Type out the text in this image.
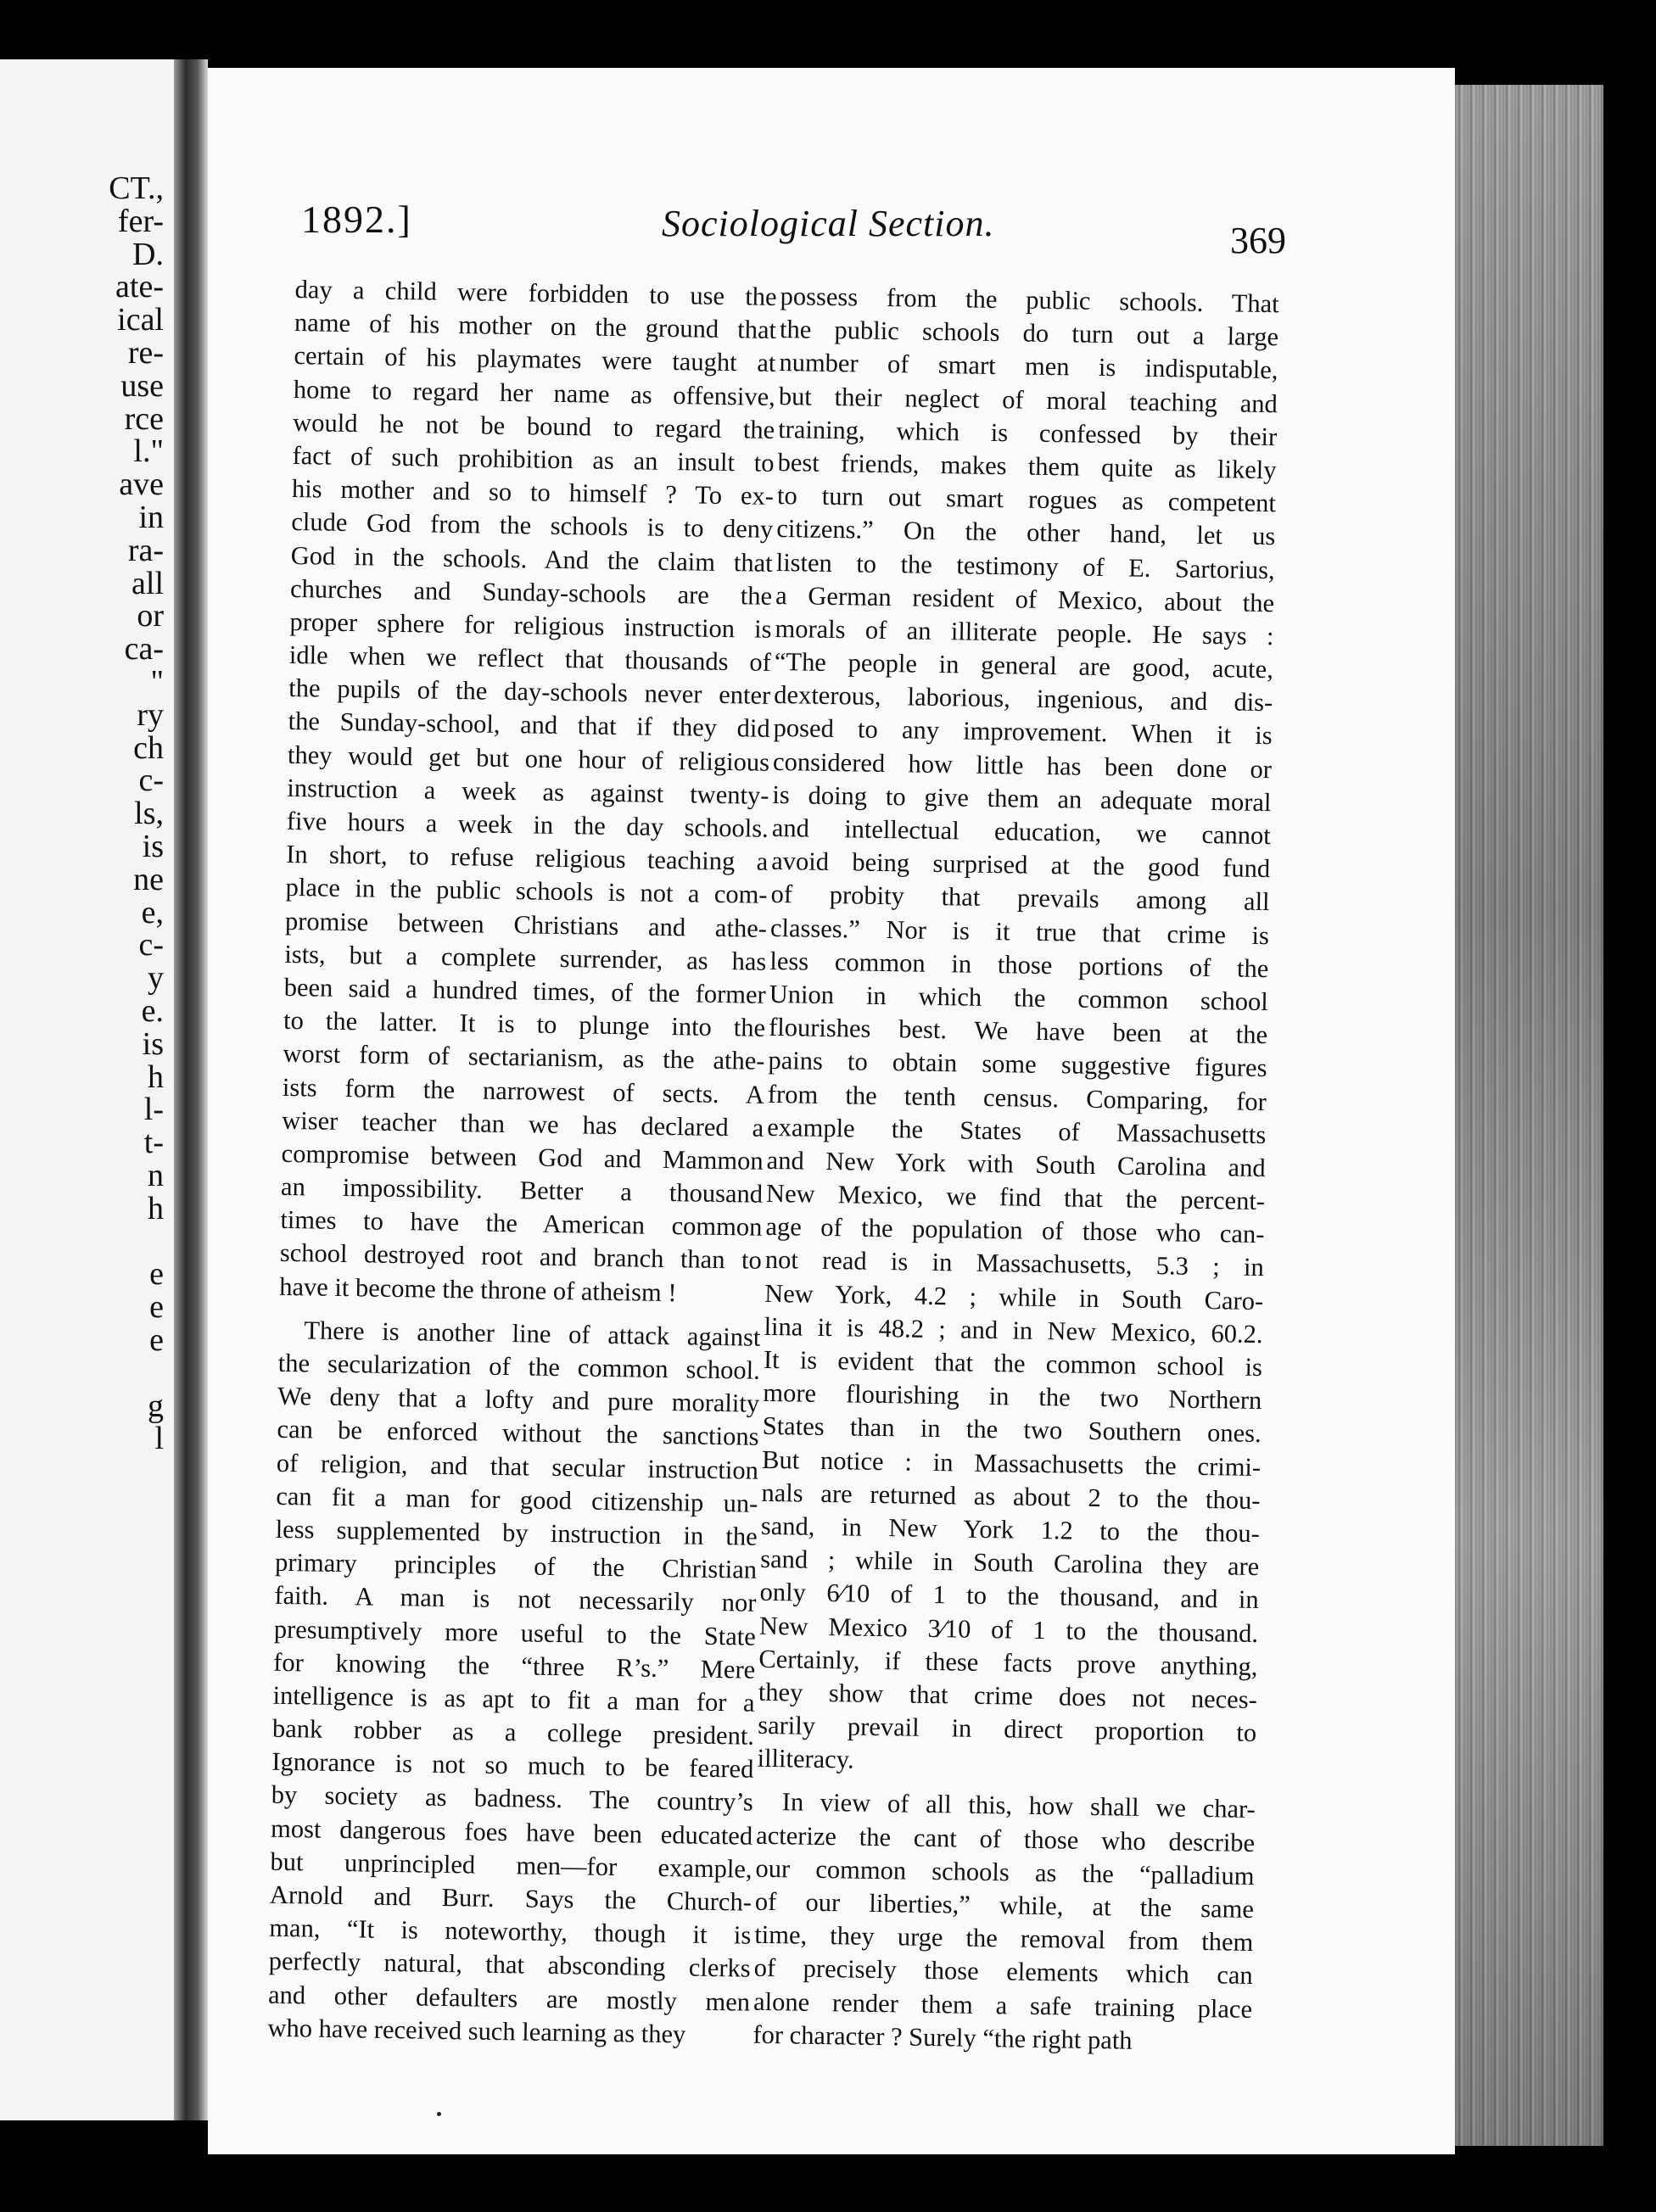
CT.,
fer-
D.
ate-
ical
re-
use
rce
l."
ave
in
ra-
all
or
ca-
"
ry
ch
c-
ls,
is
ne
e,
c-
y
e.
is
h
l-
t-
n
h
e
e
e
g
l
1892.]	Sociological Section.	369
day a child were forbidden to use the
name of his mother on the ground that
certain of his playmates were taught at
home to regard her name as offensive,
would he not be bound to regard the
fact of such prohibition as an insult to
his mother and so to himself ? To ex-
clude God from the schools is to deny
God in the schools. And the claim that
churches and Sunday-schools are the
proper sphere for religious instruction is
idle when we reflect that thousands of
the pupils of the day-schools never enter
the Sunday-school, and that if they did
they would get but one hour of religious
instruction a week as against twenty-
five hours a week in the day schools.
In short, to refuse religious teaching a
place in the public schools is not a com-
promise between Christians and athe-
ists, but a complete surrender, as has
been said a hundred times, of the former
to the latter. It is to plunge into the
worst form of sectarianism, as the athe-
ists form the narrowest of sects. A
wiser teacher than we has declared a
compromise between God and Mammon
an impossibility. Better a thousand
times to have the American common
school destroyed root and branch than to
have it become the throne of atheism !
There is another line of attack against
the secularization of the common school.
We deny that a lofty and pure morality
can be enforced without the sanctions
of religion, and that secular instruction
can fit a man for good citizenship un-
less supplemented by instruction in the
primary principles of the Christian
faith. A man is not necessarily nor
presumptively more useful to the State
for knowing the “three R’s.” Mere
intelligence is as apt to fit a man for a
bank robber as a college president.
Ignorance is not so much to be feared
by society as badness. The country’s
most dangerous foes have been educated
but unprincipled men—for example,
Arnold and Burr. Says the Church-
man, “It is noteworthy, though it is
perfectly natural, that absconding clerks
and other defaulters are mostly men
who have received such learning as they
possess from the public schools. That
the public schools do turn out a large
number of smart men is indisputable,
but their neglect of moral teaching and
training, which is confessed by their
best friends, makes them quite as likely
to turn out smart rogues as competent
citizens.” On the other hand, let us
listen to the testimony of E. Sartorius,
a German resident of Mexico, about the
morals of an illiterate people. He says :
“The people in general are good, acute,
dexterous, laborious, ingenious, and dis-
posed to any improvement. When it is
considered how little has been done or
is doing to give them an adequate moral
and intellectual education, we cannot
avoid being surprised at the good fund
of probity that prevails among all
classes.” Nor is it true that crime is
less common in those portions of the
Union in which the common school
flourishes best. We have been at the
pains to obtain some suggestive figures
from the tenth census. Comparing, for
example the States of Massachusetts
and New York with South Carolina and
New Mexico, we find that the percent-
age of the population of those who can-
not read is in Massachusetts, 5.3 ; in
New York, 4.2 ; while in South Caro-
lina it is 48.2 ; and in New Mexico, 60.2.
It is evident that the common school is
more flourishing in the two Northern
States than in the two Southern ones.
But notice : in Massachusetts the crimi-
nals are returned as about 2 to the thou-
sand, in New York 1.2 to the thou-
sand ; while in South Carolina they are
only 6⁄10 of 1 to the thousand, and in
New Mexico 3⁄10 of 1 to the thousand.
Certainly, if these facts prove anything,
they show that crime does not neces-
sarily prevail in direct proportion to
illiteracy.
In view of all this, how shall we char-
acterize the cant of those who describe
our common schools as the “palladium
of our liberties,” while, at the same
time, they urge the removal from them
of precisely those elements which can
alone render them a safe training place
for character ? Surely “the right path
